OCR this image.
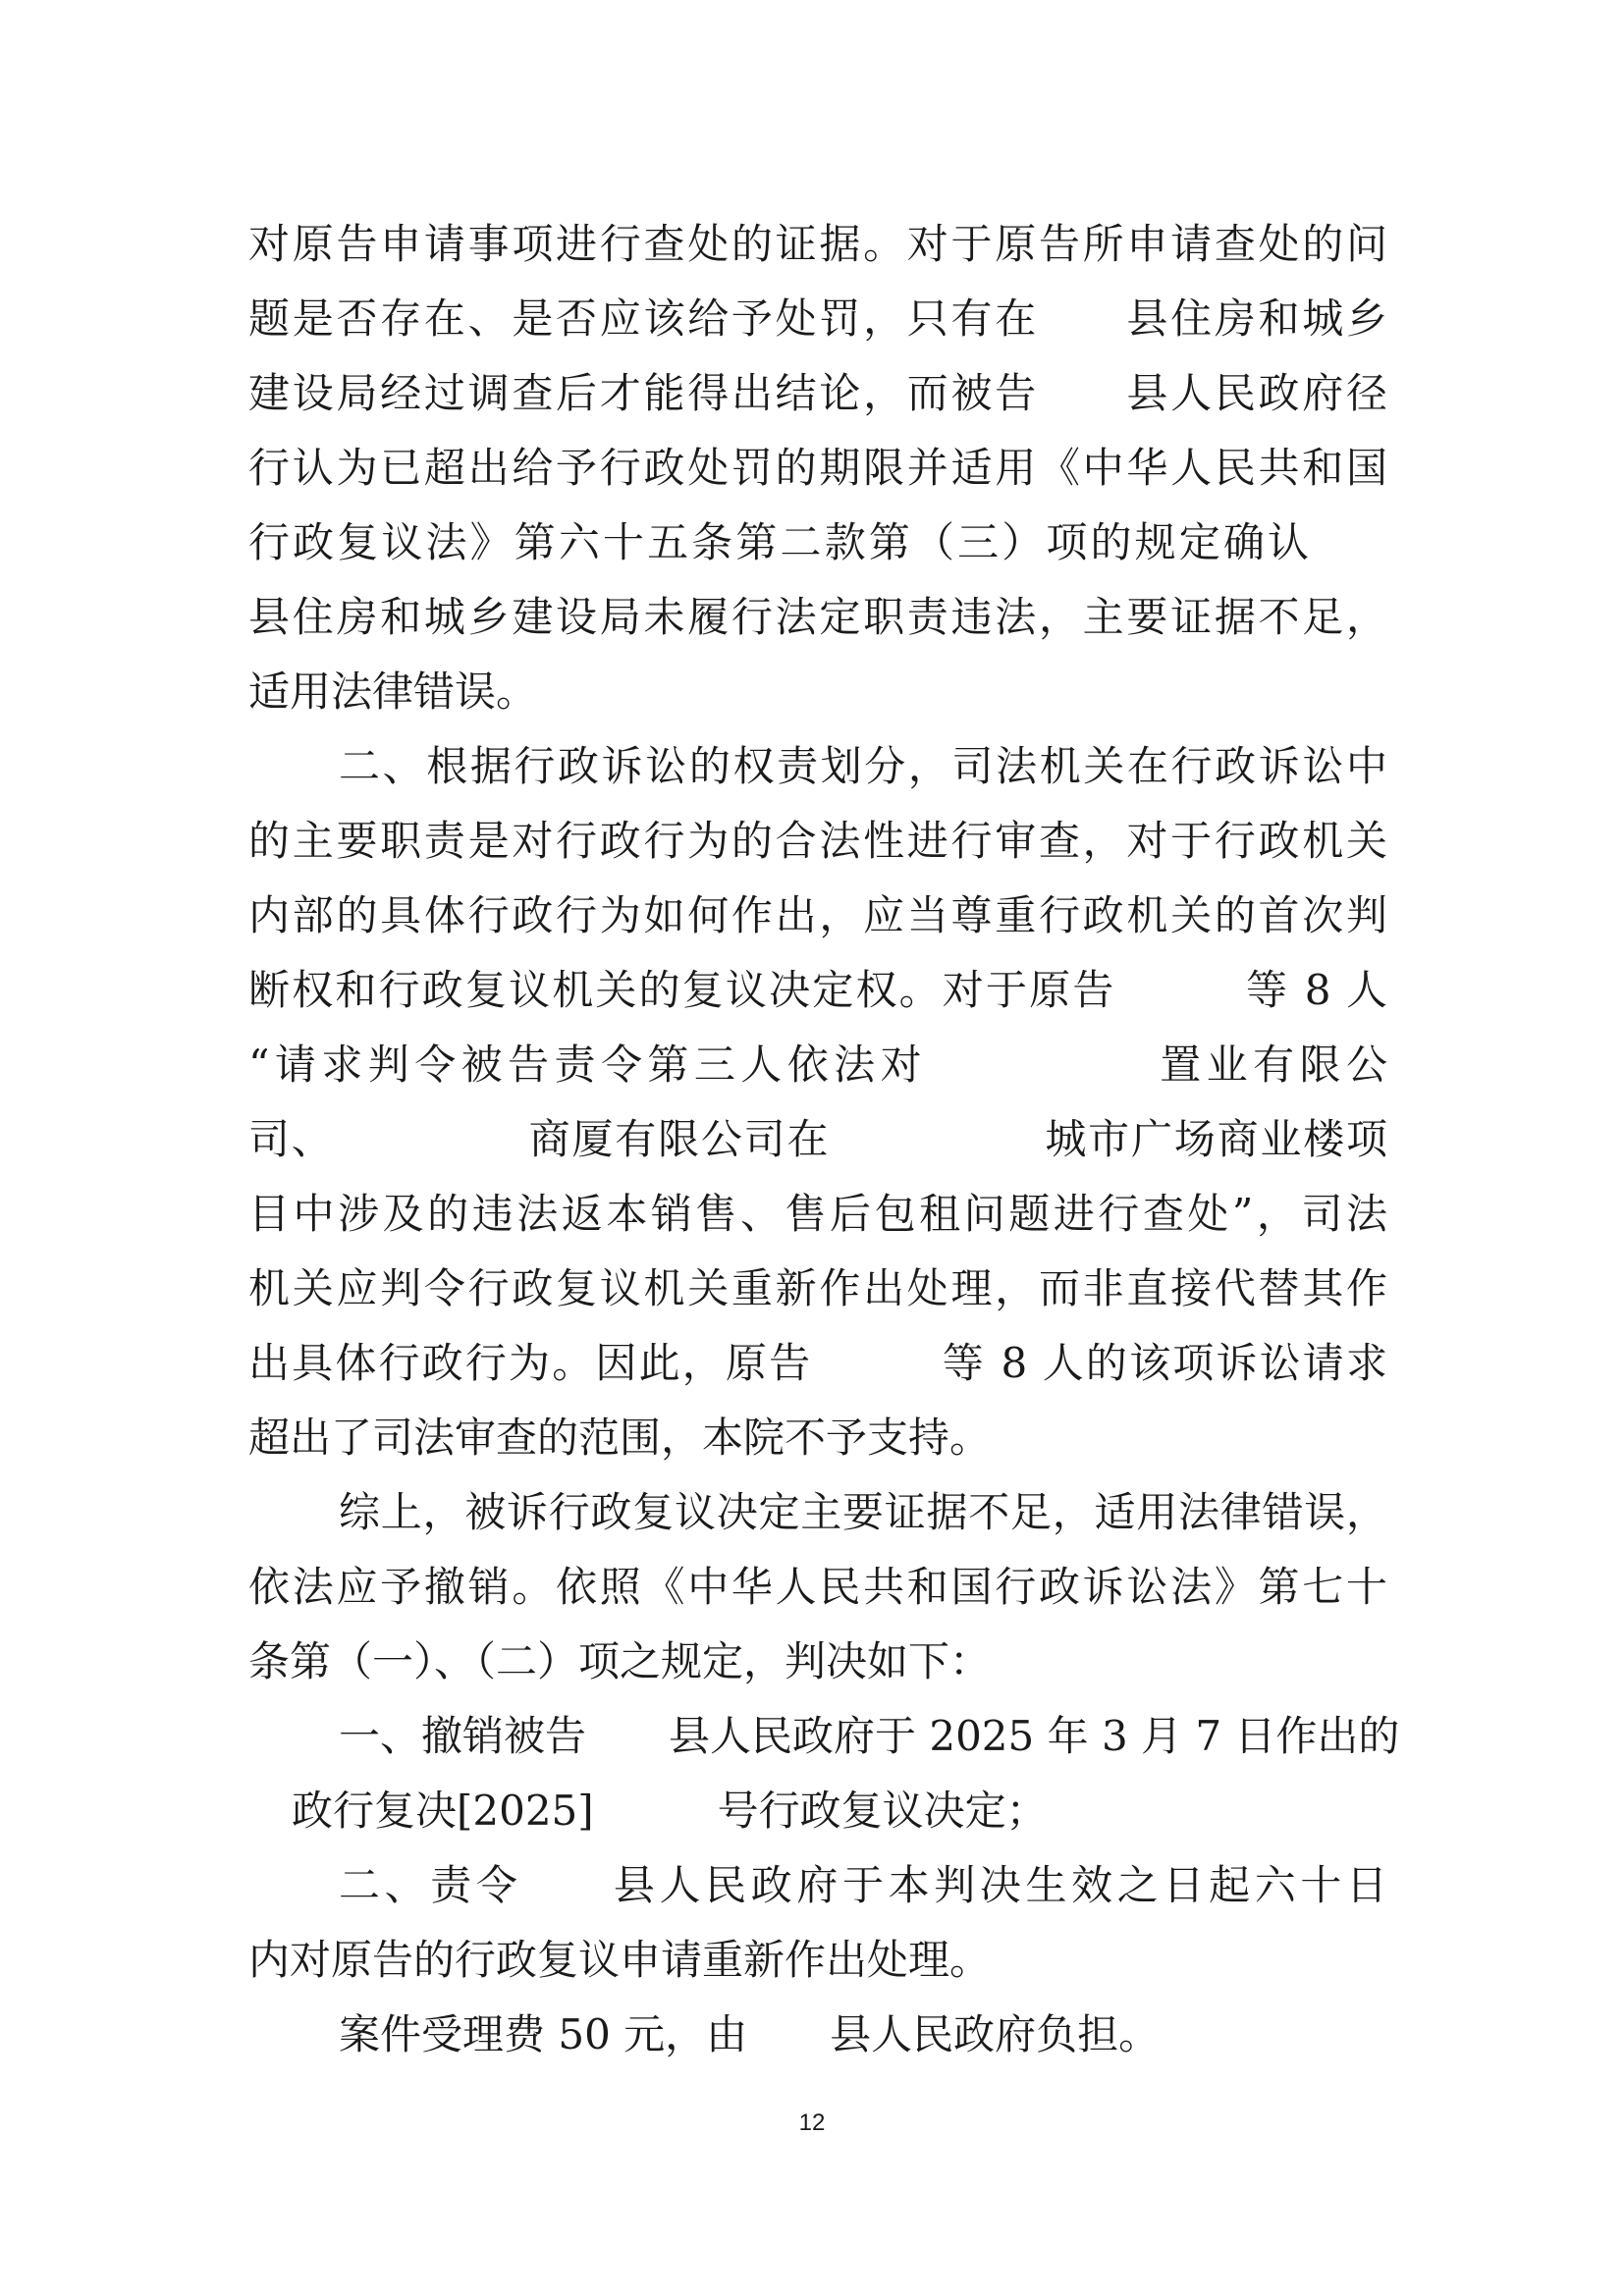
对原告申请事项进行查处的证据。对于原告所申请查处的问
题是否存在、是否应该给予处罚，只有在　　县住房和城乡
建设局经过调查后才能得出结论，而被告　　县人民政府径
行认为已超出给予行政处罚的期限并适用《中华人民共和国
行政复议法》第六十五条第二款第（三）项的规定确认
县住房和城乡建设局未履行法定职责违法，主要证据不足，
适用法律错误。
二、根据行政诉讼的权责划分，司法机关在行政诉讼中
的主要职责是对行政行为的合法性进行审查，对于行政机关
内部的具体行政行为如何作出，应当尊重行政机关的首次判
断权和行政复议机关的复议决定权。对于原告　　　等 8 人
“请求判令被告责令第三人依法对　　　　　置业有限公
司、　　　　　商厦有限公司在　　　　　城市广场商业楼项
目中涉及的违法返本销售、售后包租问题进行查处”，司法
机关应判令行政复议机关重新作出处理，而非直接代替其作
出具体行政行为。因此，原告　　　等 8 人的该项诉讼请求
超出了司法审查的范围，本院不予支持。
综上，被诉行政复议决定主要证据不足，适用法律错误，
依法应予撤销。依照《中华人民共和国行政诉讼法》第七十
条第（一）、（二）项之规定，判决如下：
一、撤销被告　　县人民政府于 2025 年 3 月 7 日作出的
政行复决[2025]　　　号行政复议决定；
二、责令　　县人民政府于本判决生效之日起六十日
内对原告的行政复议申请重新作出处理。
案件受理费 50 元，由　　县人民政府负担。
12
